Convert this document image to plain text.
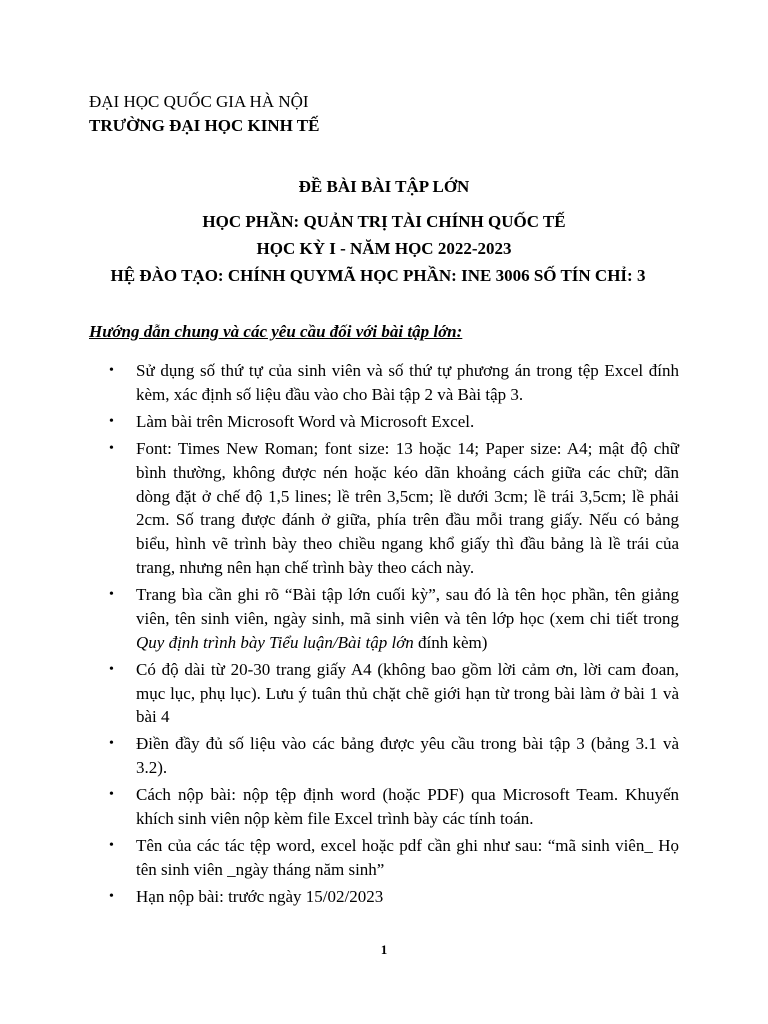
ĐẠI HỌC QUỐC GIA HÀ NỘI
TRƯỜNG ĐẠI HỌC KINH TẾ
ĐỀ BÀI BÀI TẬP LỚN
HỌC PHẦN: QUẢN TRỊ TÀI CHÍNH QUỐC TẾ
HỌC KỲ I - NĂM HỌC 2022-2023
HỆ ĐÀO TẠO: CHÍNH QUYMÃ HỌC PHẦN: INE 3006 SỐ TÍN CHỈ: 3
Hướng dẫn chung và các yêu cầu đối với bài tập lớn:
• Sử dụng số thứ tự của sinh viên và số thứ tự phương án trong tệp Excel đính kèm, xác định số liệu đầu vào cho Bài tập 2 và Bài tập 3.
• Làm bài trên Microsoft Word và Microsoft Excel.
• Font: Times New Roman; font size: 13 hoặc 14; Paper size: A4; mật độ chữ bình thường, không được nén hoặc kéo dãn khoảng cách giữa các chữ; dãn dòng đặt ở chế độ 1,5 lines; lề trên 3,5cm; lề dưới 3cm; lề trái 3,5cm; lề phải 2cm. Số trang được đánh ở giữa, phía trên đầu mỗi trang giấy. Nếu có bảng biểu, hình vẽ trình bày theo chiều ngang khổ giấy thì đầu bảng là lề trái của trang, nhưng nên hạn chế trình bày theo cách này.
• Trang bìa cần ghi rõ “Bài tập lớn cuối kỳ”, sau đó là tên học phần, tên giảng viên, tên sinh viên, ngày sinh, mã sinh viên và tên lớp học (xem chi tiết trong Quy định trình bày Tiểu luận/Bài tập lớn đính kèm)
• Có độ dài từ 20-30 trang giấy A4 (không bao gồm lời cảm ơn, lời cam đoan, mục lục, phụ lục). Lưu ý tuân thủ chặt chẽ giới hạn từ trong bài làm ở bài 1 và bài 4
• Điền đầy đủ số liệu vào các bảng được yêu cầu trong bài tập 3 (bảng 3.1 và 3.2).
• Cách nộp bài: nộp tệp định word (hoặc PDF) qua Microsoft Team. Khuyến khích sinh viên nộp kèm file Excel trình bày các tính toán.
• Tên của các tác tệp word, excel hoặc pdf cần ghi như sau: “mã sinh viên_ Họ tên sinh viên _ngày tháng năm sinh”
• Hạn nộp bài: trước ngày 15/02/2023
1
